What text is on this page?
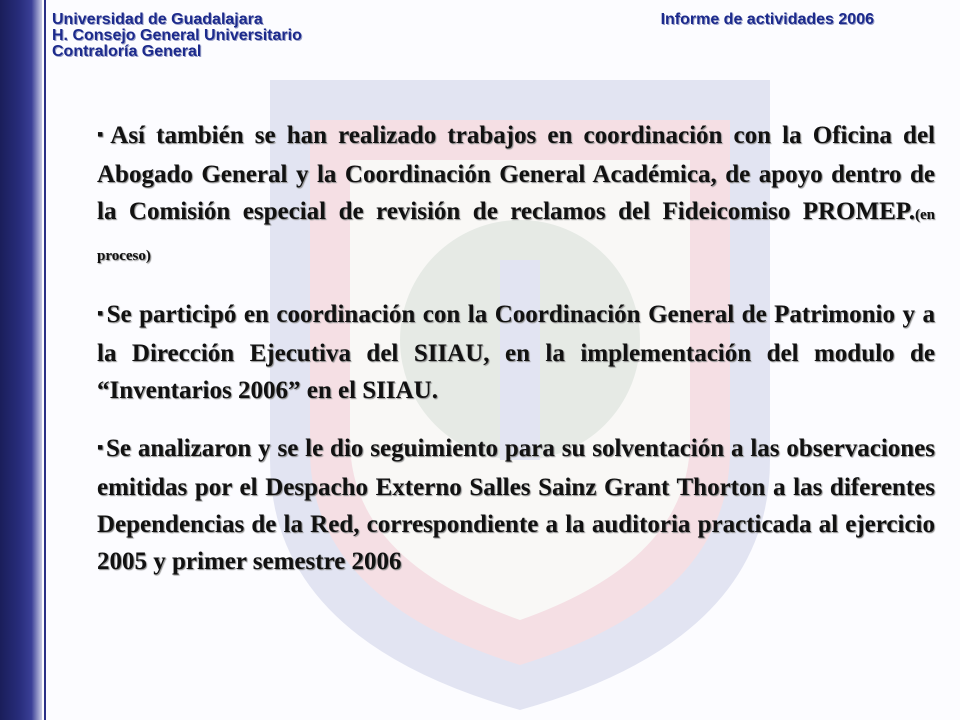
Universidad de Guadalajara
H. Consejo General Universitario
Contraloría General
Informe de actividades 2006

▪Así también se han realizado trabajos en coordinación con la Oficina del Abogado General y la Coordinación General Académica, de apoyo dentro de la Comisión especial de revisión de reclamos del Fideicomiso PROMEP.(en proceso)

▪Se participó en coordinación con la Coordinación General de Patrimonio y a la Dirección Ejecutiva del SIIAU, en la implementación del modulo de “Inventarios 2006” en el SIIAU.

▪Se analizaron y se le dio seguimiento para su solventación a las observaciones emitidas por el Despacho Externo Salles Sainz Grant Thorton a las diferentes Dependencias de la Red, correspondiente a la auditoria practicada al ejercicio 2005 y primer semestre 2006
